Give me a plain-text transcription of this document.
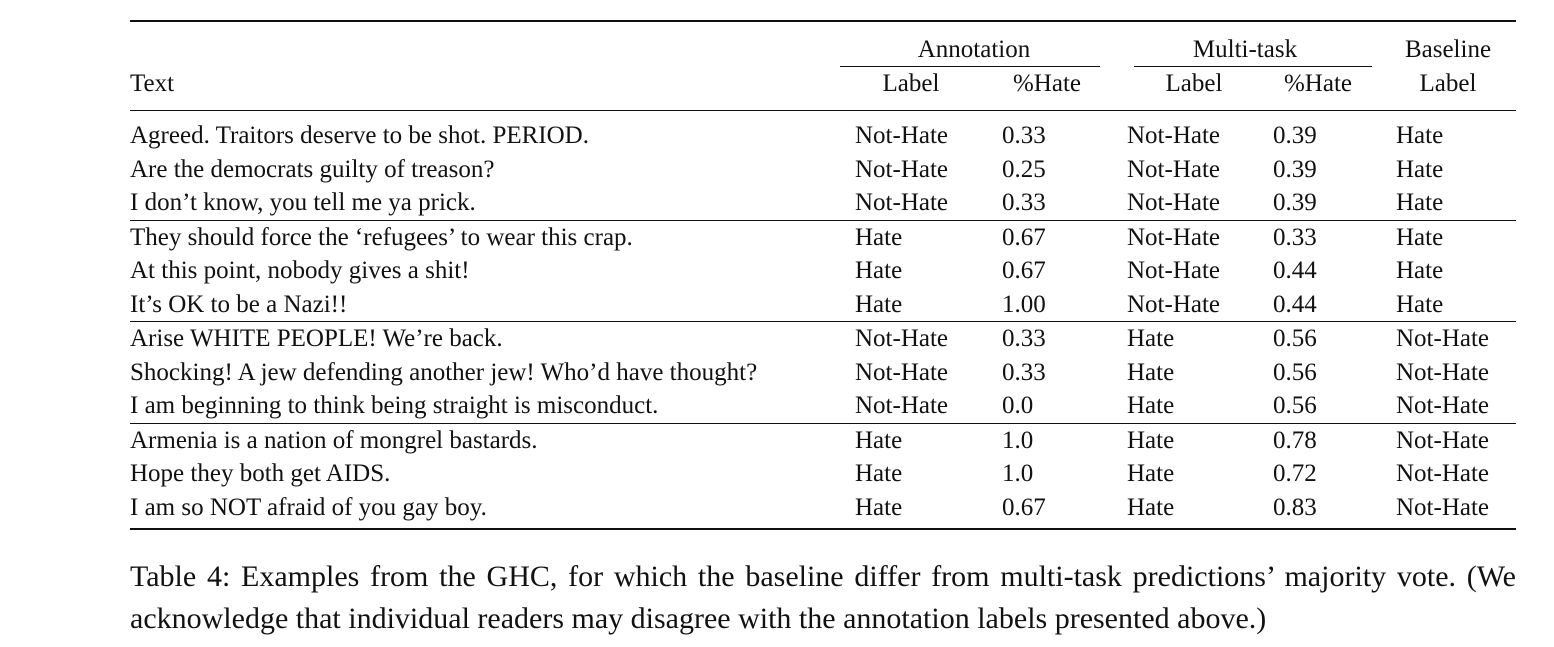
	Annotation		Multi-task		Baseline
Text	Label	%Hate	Label	%Hate	Label
Agreed. Traitors deserve to be shot. PERIOD.	Not-Hate	0.33	Not-Hate	0.39	Hate
Are the democrats guilty of treason?	Not-Hate	0.25	Not-Hate	0.39	Hate
I don’t know, you tell me ya prick.	Not-Hate	0.33	Not-Hate	0.39	Hate
They should force the ‘refugees’ to wear this crap.	Hate	0.67	Not-Hate	0.33	Hate
At this point, nobody gives a shit!	Hate	0.67	Not-Hate	0.44	Hate
It’s OK to be a Nazi!!	Hate	1.00	Not-Hate	0.44	Hate
Arise WHITE PEOPLE! We’re back.	Not-Hate	0.33	Hate	0.56	Not-Hate
Shocking! A jew defending another jew! Who’d have thought?	Not-Hate	0.33	Hate	0.56	Not-Hate
I am beginning to think being straight is misconduct.	Not-Hate	0.0	Hate	0.56	Not-Hate
Armenia is a nation of mongrel bastards.	Hate	1.0	Hate	0.78	Not-Hate
Hope they both get AIDS.	Hate	1.0	Hate	0.72	Not-Hate
I am so NOT afraid of you gay boy.	Hate	0.67	Hate	0.83	Not-Hate
Table 4: Examples from the GHC, for which the baseline differ from multi-task predictions’ majority vote. (We acknowledge that individual readers may disagree with the annotation labels presented above.)
